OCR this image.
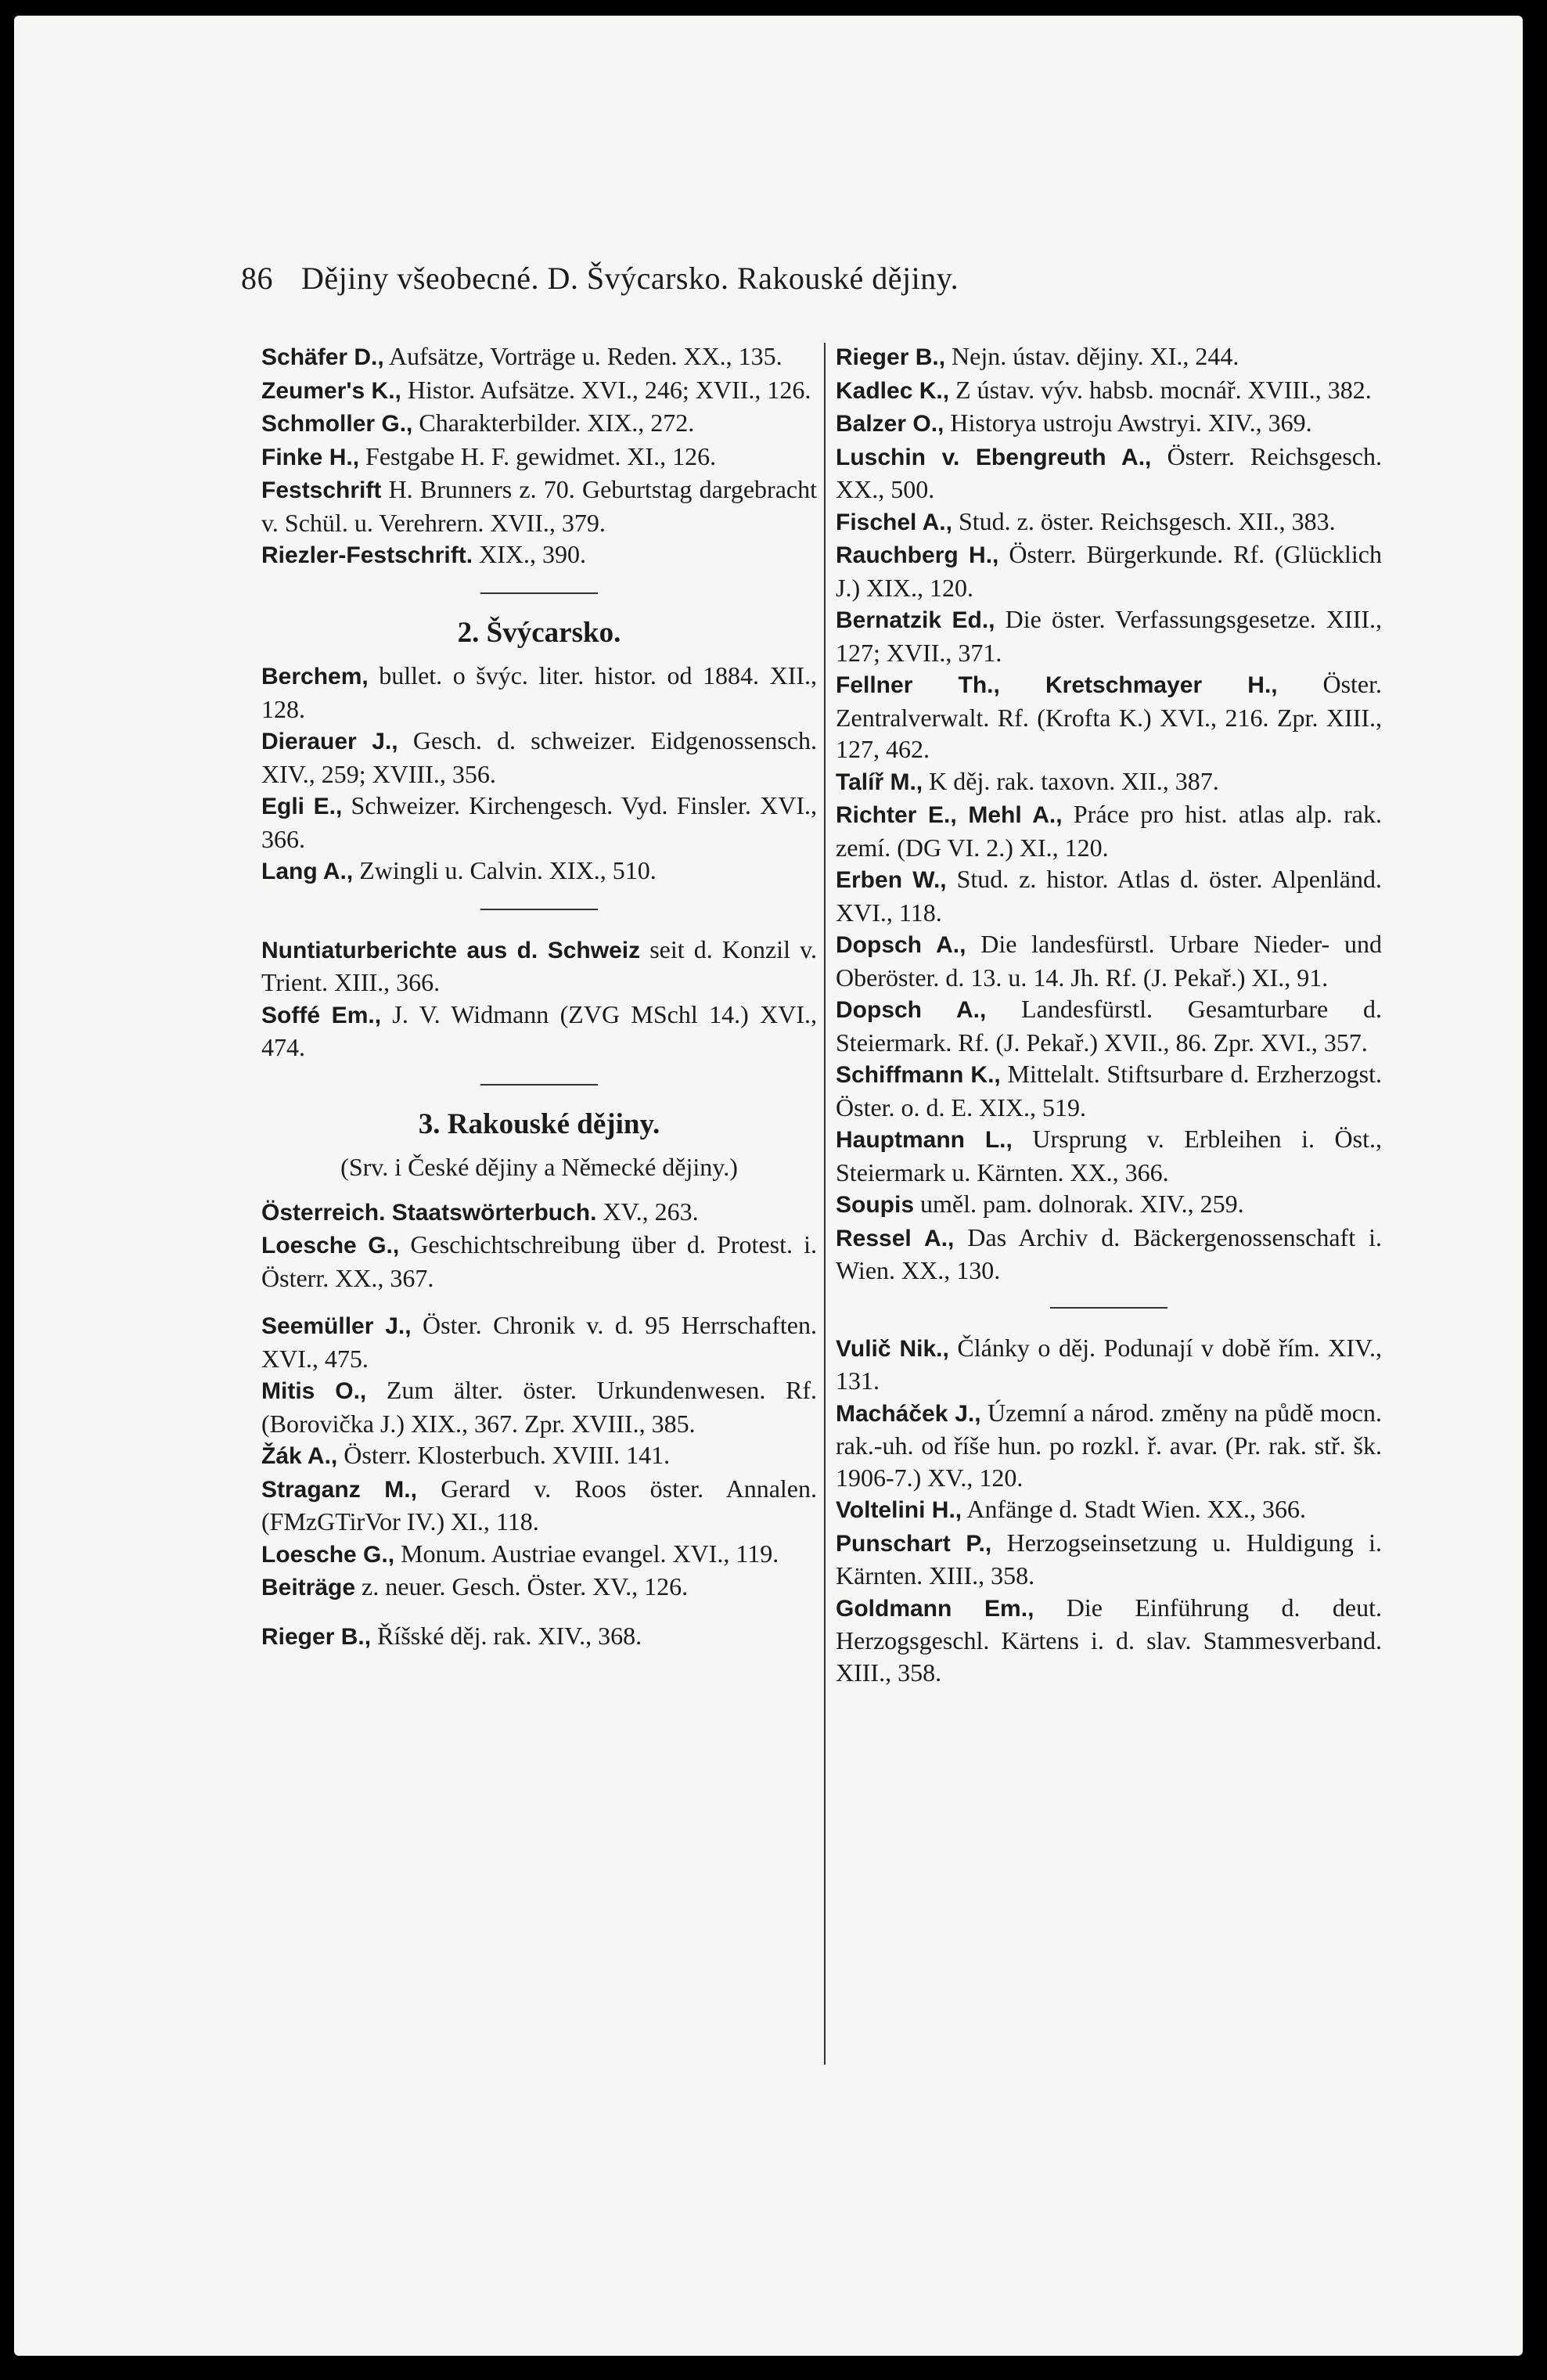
86 Dějiny všeobecné. D. Švýcarsko. Rakouské dějiny.
Schäfer D., Aufsätze, Vorträge u. Reden. XX., 135.
Zeumer's K., Histor. Aufsätze. XVI., 246; XVII., 126.
Schmoller G., Charakterbilder. XIX., 272.
Finke H., Festgabe H. F. gewidmet. XI., 126.
Festschrift H. Brunners z. 70. Geburtstag dargebracht v. Schül. u. Verehrern. XVII., 379.
Riezler-Festschrift. XIX., 390.
2. Švýcarsko.
Berchem, bullet. o švýc. liter. histor. od 1884. XII., 128.
Dierauer J., Gesch. d. schweizer. Eidgenossensch. XIV., 259; XVIII., 356.
Egli E., Schweizer. Kirchengesch. Vyd. Finsler. XVI., 366.
Lang A., Zwingli u. Calvin. XIX., 510.
Nuntiaturberichte aus d. Schweiz seit d. Konzil v. Trient. XIII., 366.
Soffé Em., J. V. Widmann (ZVG MSchl 14.) XVI., 474.
3. Rakouské dějiny.
(Srv. i České dějiny a Německé dějiny.)
Österreich. Staatswörterbuch. XV., 263.
Loesche G., Geschichtschreibung über d. Protest. i. Österr. XX., 367.
Seemüller J., Öster. Chronik v. d. 95 Herrschaften. XVI., 475.
Mitis O., Zum älter. öster. Urkundenwesen. Rf. (Borovička J.) XIX., 367. Zpr. XVIII., 385.
Žák A., Österr. Klosterbuch. XVIII. 141.
Straganz M., Gerard v. Roos öster. Annalen. (FMzGTirVor IV.) XI., 118.
Loesche G., Monum. Austriae evangel. XVI., 119.
Beiträge z. neuer. Gesch. Öster. XV., 126.
Rieger B., Říšské děj. rak. XIV., 368.
Rieger B., Nejn. ústav. dějiny. XI., 244.
Kadlec K., Z ústav. výv. habsb. mocnář. XVIII., 382.
Balzer O., Historya ustroju Awstryi. XIV., 369.
Luschin v. Ebengreuth A., Österr. Reichsgesch. XX., 500.
Fischel A., Stud. z. öster. Reichsgesch. XII., 383.
Rauchberg H., Österr. Bürgerkunde. Rf. (Glücklich J.) XIX., 120.
Bernatzik Ed., Die öster. Verfassungsgesetze. XIII., 127; XVII., 371.
Fellner Th., Kretschmayer H., Öster. Zentralverwalt. Rf. (Krofta K.) XVI., 216. Zpr. XIII., 127, 462.
Talíř M., K děj. rak. taxovn. XII., 387.
Richter E., Mehl A., Práce pro hist. atlas alp. rak. zemí. (DG VI. 2.) XI., 120.
Erben W., Stud. z. histor. Atlas d. öster. Alpenländ. XVI., 118.
Dopsch A., Die landesfürstl. Urbare Nieder- und Oberöster. d. 13. u. 14. Jh. Rf. (J. Pekař.) XI., 91.
Dopsch A., Landesfürstl. Gesamturbare d. Steiermark. Rf. (J. Pekař.) XVII., 86. Zpr. XVI., 357.
Schiffmann K., Mittelalt. Stiftsurbare d. Erzherzogst. Öster. o. d. E. XIX., 519.
Hauptmann L., Ursprung v. Erbleihen i. Öst., Steiermark u. Kärnten. XX., 366.
Soupis uměl. pam. dolnorak. XIV., 259.
Ressel A., Das Archiv d. Bäckergenossenschaft i. Wien. XX., 130.
Vulič Nik., Články o děj. Podunají v době řím. XIV., 131.
Macháček J., Územní a národ. změny na půdě mocn. rak.-uh. od říše hun. po rozkl. ř. avar. (Pr. rak. stř. šk. 1906-7.) XV., 120.
Voltelini H., Anfänge d. Stadt Wien. XX., 366.
Punschart P., Herzogseinsetzung u. Huldigung i. Kärnten. XIII., 358.
Goldmann Em., Die Einführung d. deut. Herzogsgeschl. Kärtens i. d. slav. Stammesverband. XIII., 358.
